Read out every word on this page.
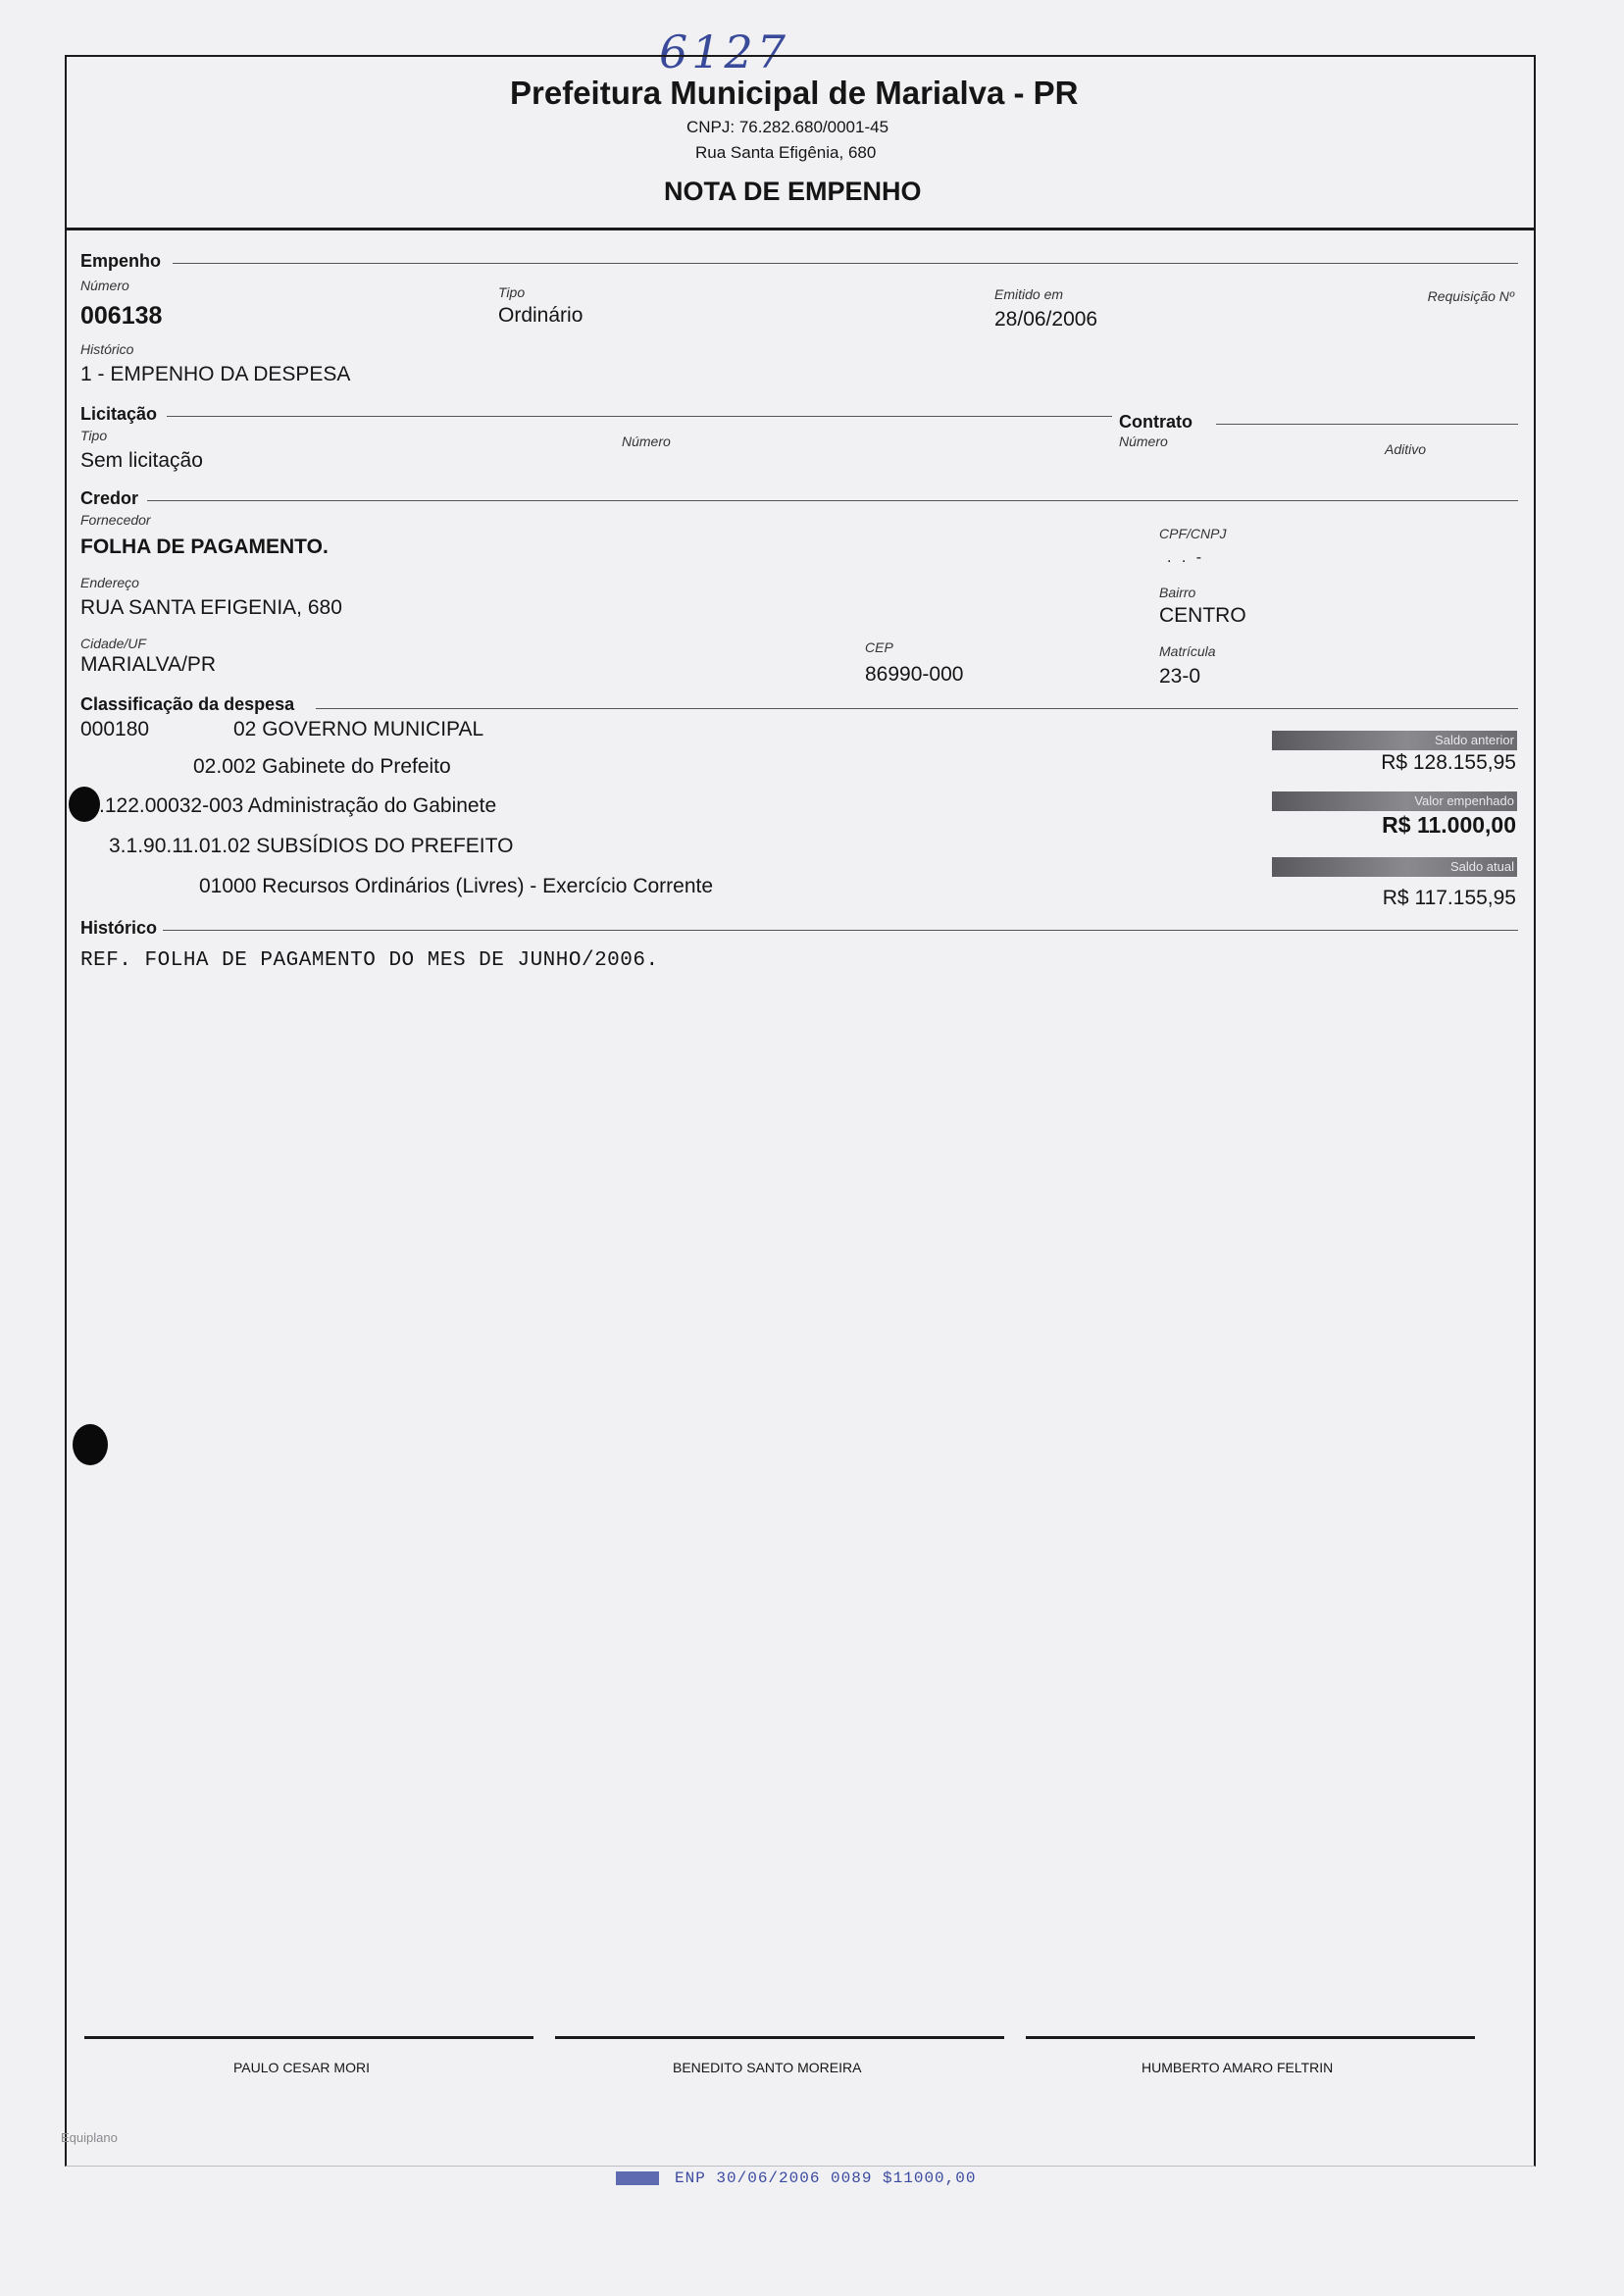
6127
Prefeitura Municipal de Marialva - PR
CNPJ: 76.282.680/0001-45
Rua Santa Efigênia, 680
NOTA DE EMPENHO
Empenho
Número
006138
Tipo
Ordinário
Emitido em
28/06/2006
Requisição Nº
Histórico
1 - EMPENHO DA DESPESA
Licitação
Tipo
Sem licitação
Número
Contrato
Número	Aditivo
Credor
Fornecedor
FOLHA DE PAGAMENTO.
CPF/CNPJ
. . -
Endereço
RUA SANTA EFIGENIA, 680
Bairro
CENTRO
Cidade/UF
MARIALVA/PR
CEP
86990-000
Matrícula
23-0
Classificação da despesa
000180	02 GOVERNO MUNICIPAL
02.002 Gabinete do Prefeito
.122.00032-003 Administração do Gabinete
3.1.90.11.01.02 SUBSÍDIOS DO PREFEITO
01000 Recursos Ordinários (Livres) - Exercício Corrente
Saldo anterior
R$ 128.155,95
Valor empenhado
R$ 11.000,00
Saldo atual
R$ 117.155,95
Histórico
REF. FOLHA DE PAGAMENTO DO MES DE JUNHO/2006.
PAULO CESAR MORI	BENEDITO SANTO MOREIRA	HUMBERTO AMARO FELTRIN
Equiplano
ENP 30/06/2006 0089 $11000,00
